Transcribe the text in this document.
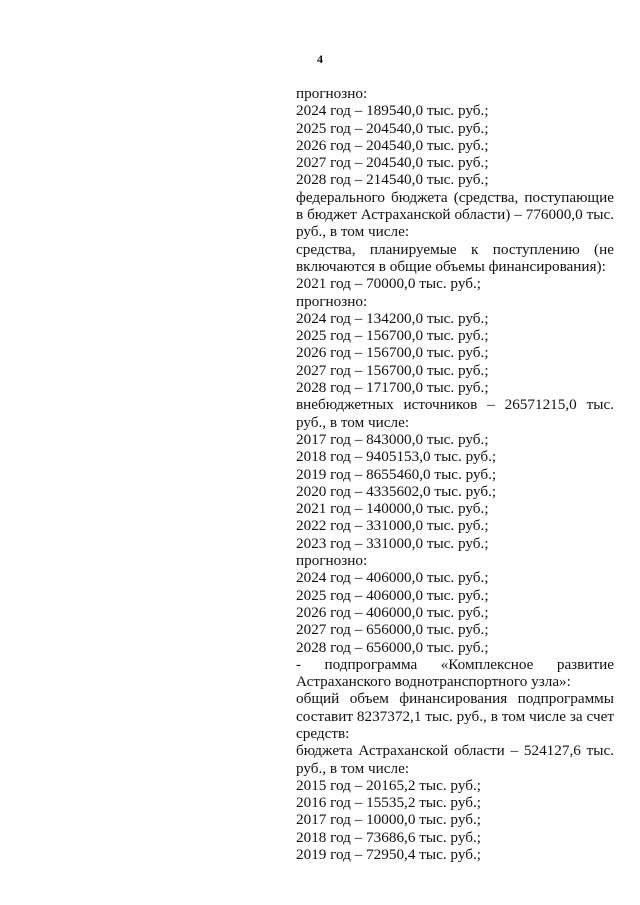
4
прогнозно:
2024 год – 189540,0 тыс. руб.;
2025 год – 204540,0 тыс. руб.;
2026 год – 204540,0 тыс. руб.;
2027 год – 204540,0 тыс. руб.;
2028 год – 214540,0 тыс. руб.;
федерального бюджета (средства, поступающие в бюджет Астраханской области) – 776000,0 тыс. руб., в том числе:
средства, планируемые к поступлению (не включаются в общие объемы финансирования):
2021 год – 70000,0 тыс. руб.;
прогнозно:
2024 год – 134200,0 тыс. руб.;
2025 год – 156700,0 тыс. руб.;
2026 год – 156700,0 тыс. руб.;
2027 год – 156700,0 тыс. руб.;
2028 год – 171700,0 тыс. руб.;
внебюджетных источников – 26571215,0 тыс. руб., в том числе:
2017 год – 843000,0 тыс. руб.;
2018 год – 9405153,0 тыс. руб.;
2019 год – 8655460,0 тыс. руб.;
2020 год – 4335602,0 тыс. руб.;
2021 год – 140000,0 тыс. руб.;
2022 год – 331000,0 тыс. руб.;
2023 год – 331000,0 тыс. руб.;
прогнозно:
2024 год – 406000,0 тыс. руб.;
2025 год – 406000,0 тыс. руб.;
2026 год – 406000,0 тыс. руб.;
2027 год – 656000,0 тыс. руб.;
2028 год – 656000,0 тыс. руб.;
- подпрограмма «Комплексное развитие Астраханского воднотранспортного узла»:
общий объем финансирования подпрограммы составит 8237372,1 тыс. руб., в том числе за счет средств:
бюджета Астраханской области – 524127,6 тыс. руб., в том числе:
2015 год – 20165,2 тыс. руб.;
2016 год – 15535,2 тыс. руб.;
2017 год – 10000,0 тыс. руб.;
2018 год – 73686,6 тыс. руб.;
2019 год – 72950,4 тыс. руб.;
